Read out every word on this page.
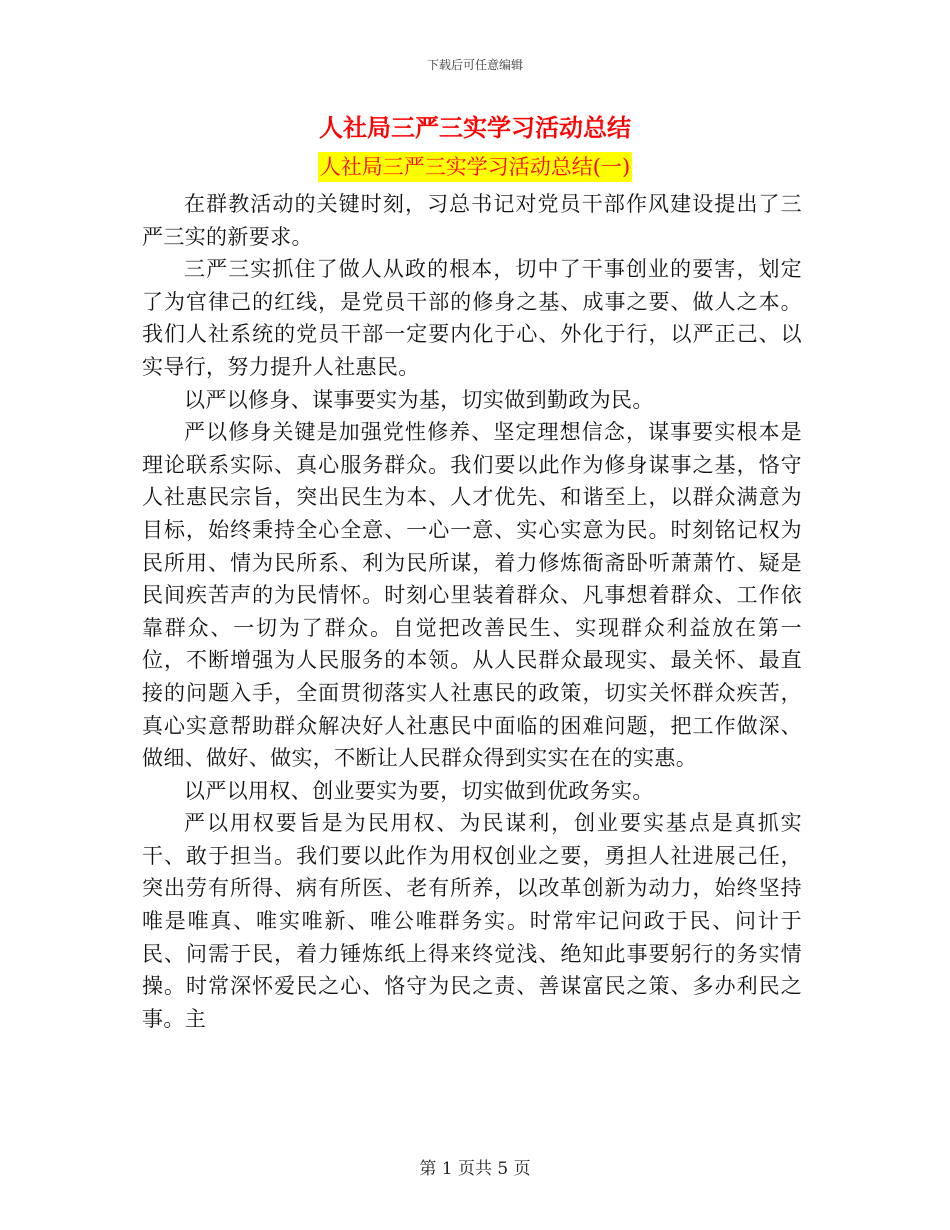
下载后可任意编辑
人社局三严三实学习活动总结
人社局三严三实学习活动总结(一)

在群教活动的关键时刻，习总书记对党员干部作风建设提出了三严三实的新要求。

三严三实抓住了做人从政的根本，切中了干事创业的要害，划定了为官律己的红线，是党员干部的修身之基、成事之要、做人之本。我们人社系统的党员干部一定要内化于心、外化于行，以严正己、以实导行，努力提升人社惠民。

以严以修身、谋事要实为基，切实做到勤政为民。

严以修身关键是加强党性修养、坚定理想信念，谋事要实根本是理论联系实际、真心服务群众。我们要以此作为修身谋事之基，恪守人社惠民宗旨，突出民生为本、人才优先、和谐至上，以群众满意为目标，始终秉持全心全意、一心一意、实心实意为民。时刻铭记权为民所用、情为民所系、利为民所谋，着力修炼衙斋卧听萧萧竹、疑是民间疾苦声的为民情怀。时刻心里装着群众、凡事想着群众、工作依靠群众、一切为了群众。自觉把改善民生、实现群众利益放在第一位，不断增强为人民服务的本领。从人民群众最现实、最关怀、最直接的问题入手，全面贯彻落实人社惠民的政策，切实关怀群众疾苦，真心实意帮助群众解决好人社惠民中面临的困难问题，把工作做深、做细、做好、做实，不断让人民群众得到实实在在的实惠。

以严以用权、创业要实为要，切实做到优政务实。

严以用权要旨是为民用权、为民谋利，创业要实基点是真抓实干、敢于担当。我们要以此作为用权创业之要，勇担人社进展己任，突出劳有所得、病有所医、老有所养，以改革创新为动力，始终坚持唯是唯真、唯实唯新、唯公唯群务实。时常牢记问政于民、问计于民、问需于民，着力锤炼纸上得来终觉浅、绝知此事要躬行的务实情操。时常深怀爱民之心、恪守为民之责、善谋富民之策、多办利民之事。主

第 1 页共 5 页
